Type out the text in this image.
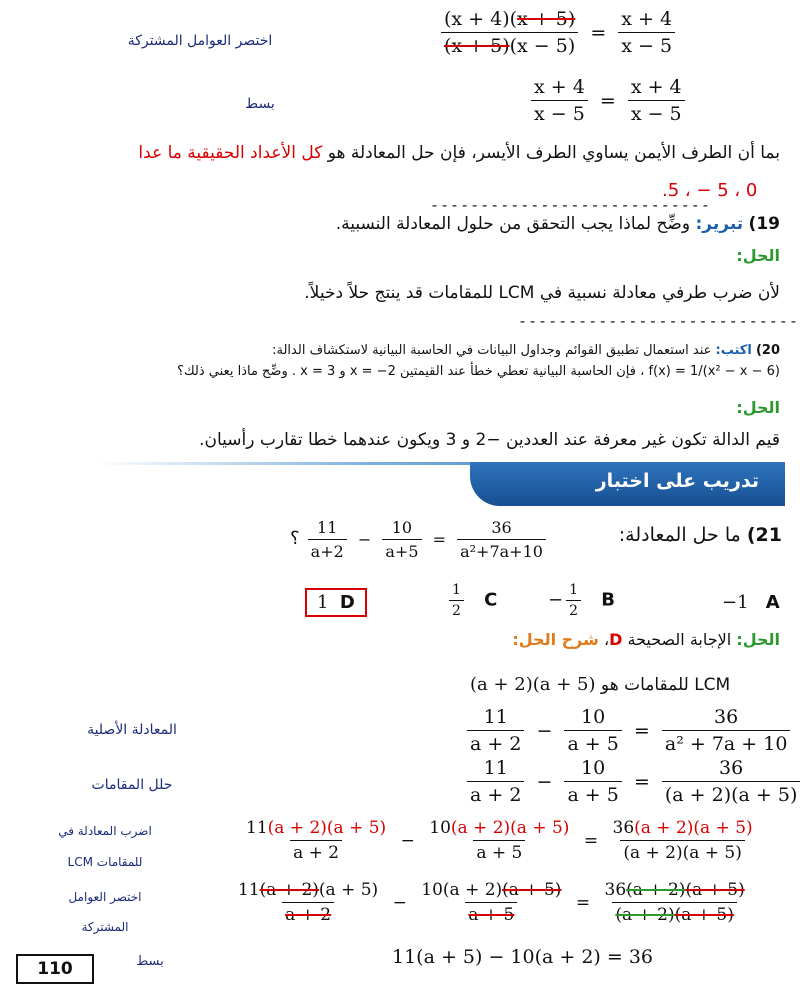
اختصر العوامل المشتركة	$\frac{(x + 4)(x + 5)}{(x + 5)(x - 5)} = \frac{x + 4}{x - 5}$
بسط	$\frac{x + 4}{x - 5} = \frac{x + 4}{x - 5}$
بما أن الطرف الأيمن يساوي الطرف الأيسر، فإن حل المعادلة هو كل الأعداد الحقيقية ما عدا
.5 ، − 5 ، 0
----------------------------
19) تبرير: وضِّح لماذا يجب التحقق من حلول المعادلة النسبية.
الحل:
لأن ضرب طرفي معادلة نسبية في LCM للمقامات قد ينتج حلاً دخيلاً.
----------------------------
20) اكتب: عند استعمال تطبيق القوائم وجداول البيانات في الحاسبة البيانية لاستكشاف الدالة:
f(x) = 1/(x² − x − 6) ، فإن الحاسبة البيانية تعطي خطأ عند القيمتين x = −2 و x = 3 . وضِّح ماذا يعني ذلك؟
الحل:
قيم الدالة تكون غير معرفة عند العددين −2 و 3 ويكون عندهما خطا تقارب رأسيان.
تدريب على اختبار
21) ما حل المعادلة:
؟ $\frac{11}{a+2} - \frac{10}{a+5} = \frac{36}{\text{a²+7a+10}}$
−1 A
− $\frac{1}{2}$ B
$\frac{1}{2}$ C
1 D
الحل: الإجابة الصحيحة D، شرح الحل:
(a + 2)(a + 5) LCM للمقامات هو
المعادلة الأصلية	$\frac{11}{a + 2} - \frac{10}{a + 5} = \frac{36}{\text{a² + 7a + 10}}$
حلل المقامات	$\frac{11}{a + 2} - \frac{10}{a + 5} = \frac{36}{(a + 2)(a + 5)}$
اضرب المعادلة في
LCM للمقامات	$\frac{11(a + 2)(a + 5)}{a + 2} - \frac{10(a + 2)(a + 5)}{a + 5} = \frac{36(a + 2)(a + 5)}{(a + 2)(a + 5)}$
اختصر العوامل
المشتركة
$\frac{11(a + 2)(a + 5)}{a + 2} - \frac{10(a + 2)(a + 5)}{a + 5} = \frac{36(a + 2)(a + 5)}{(a + 2)(a + 5)}$
بسط	11(a + 5) − 10(a + 2) = 36
110
